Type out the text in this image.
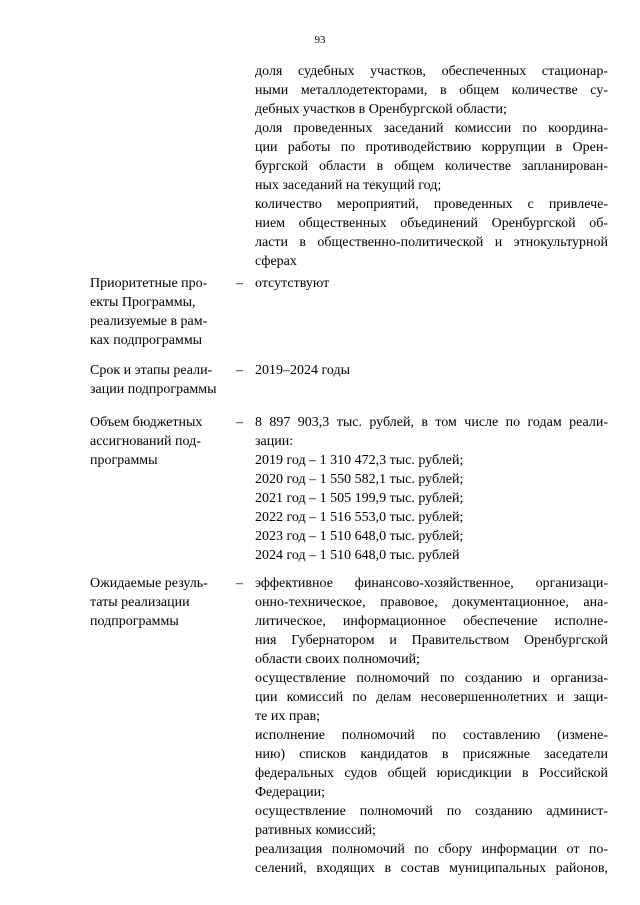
93
доля судебных участков, обеспеченных стационар-
ными металлодетекторами, в общем количестве су-
дебных участков в Оренбургской области;
доля проведенных заседаний комиссии по координа-
ции работы по противодействию коррупции в Орен-
бургской области в общем количестве запланирован-
ных заседаний на текущий год;
количество мероприятий, проведенных с привлече-
нием общественных объединений Оренбургской об-
ласти в общественно-политической и этнокультурной
сферах
Приоритетные про-
екты Программы,
реализуемые в рам-
ках подпрограммы
– отсутствуют
Срок и этапы реали-
зации подпрограммы
– 2019–2024 годы
Объем бюджетных
ассигнований под-
программы
– 8 897 903,3 тыс. рублей, в том числе по годам реали-
зации:
2019 год – 1 310 472,3 тыс. рублей;
2020 год – 1 550 582,1 тыс. рублей;
2021 год – 1 505 199,9 тыс. рублей;
2022 год – 1 516 553,0 тыс. рублей;
2023 год – 1 510 648,0 тыс. рублей;
2024 год – 1 510 648,0 тыс. рублей
Ожидаемые резуль-
таты реализации
подпрограммы
– эффективное финансово-хозяйственное, организаци-
онно-техническое, правовое, документационное, ана-
литическое, информационное обеспечение исполне-
ния Губернатором и Правительством Оренбургской
области своих полномочий;
осуществление полномочий по созданию и организа-
ции комиссий по делам несовершеннолетних и защи-
те их прав;
исполнение полномочий по составлению (измене-
нию) списков кандидатов в присяжные заседатели
федеральных судов общей юрисдикции в Российской
Федерации;
осуществление полномочий по созданию админист-
ративных комиссий;
реализация полномочий по сбору информации от по-
селений, входящих в состав муниципальных районов,
